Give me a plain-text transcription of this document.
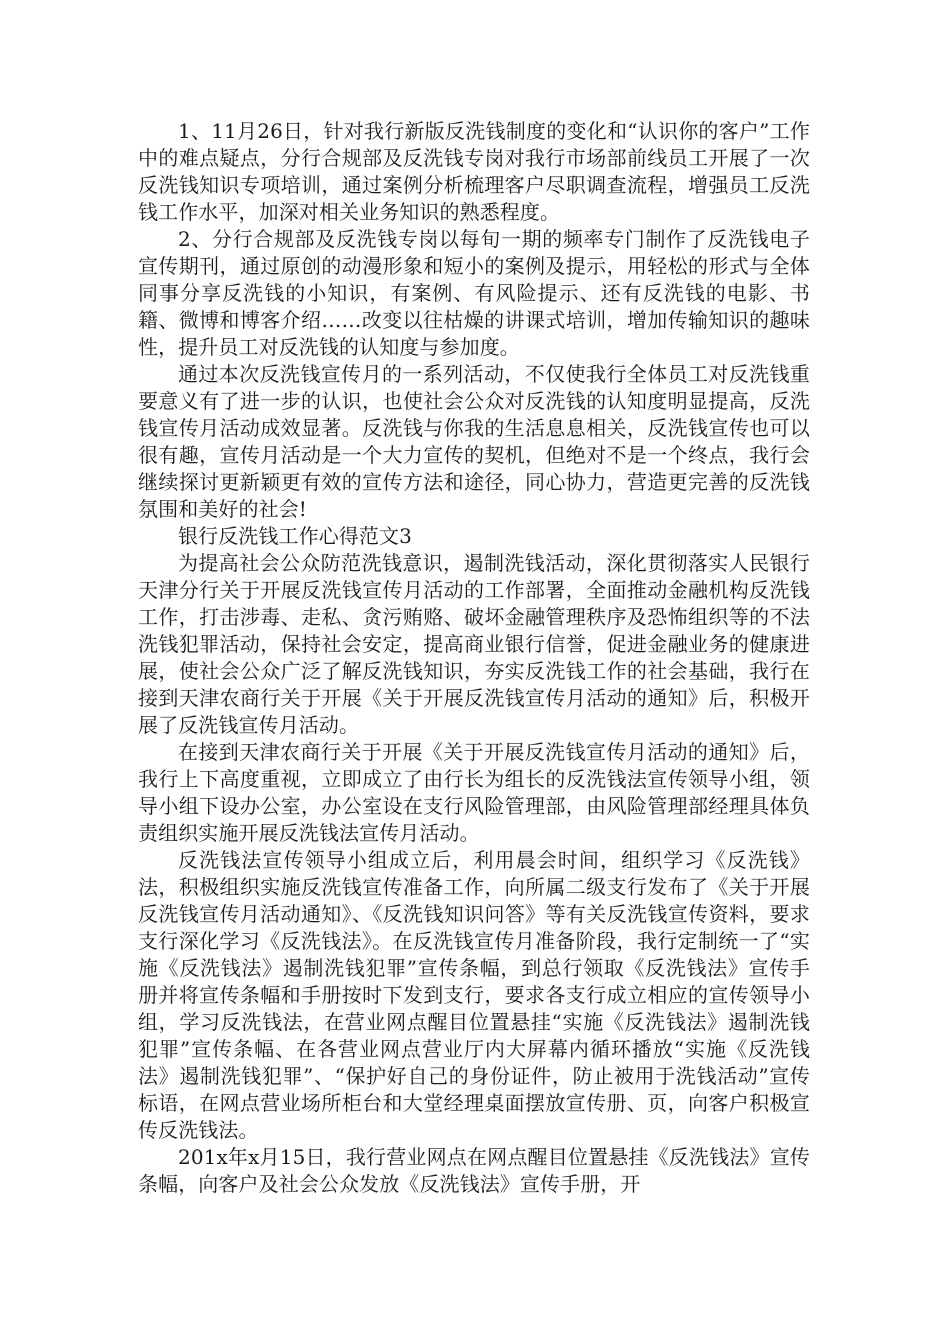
1、11月26日，针对我行新版反洗钱制度的变化和“认识你的客户”工作中的难点疑点，分行合规部及反洗钱专岗对我行市场部前线员工开展了一次反洗钱知识专项培训，通过案例分析梳理客户尽职调查流程，增强员工反洗钱工作水平，加深对相关业务知识的熟悉程度。

2、分行合规部及反洗钱专岗以每旬一期的频率专门制作了反洗钱电子宣传期刊，通过原创的动漫形象和短小的案例及提示，用轻松的形式与全体同事分享反洗钱的小知识，有案例、有风险提示、还有反洗钱的电影、书籍、微博和博客介绍……改变以往枯燥的讲课式培训，增加传输知识的趣味性，提升员工对反洗钱的认知度与参加度。

通过本次反洗钱宣传月的一系列活动，不仅使我行全体员工对反洗钱重要意义有了进一步的认识，也使社会公众对反洗钱的认知度明显提高，反洗钱宣传月活动成效显著。反洗钱与你我的生活息息相关，反洗钱宣传也可以很有趣，宣传月活动是一个大力宣传的契机，但绝对不是一个终点，我行会继续探讨更新颖更有效的宣传方法和途径，同心协力，营造更完善的反洗钱氛围和美好的社会!

银行反洗钱工作心得范文3

为提高社会公众防范洗钱意识，遏制洗钱活动，深化贯彻落实人民银行天津分行关于开展反洗钱宣传月活动的工作部署，全面推动金融机构反洗钱工作，打击涉毒、走私、贪污贿赂、破坏金融管理秩序及恐怖组织等的不法洗钱犯罪活动，保持社会安定，提高商业银行信誉，促进金融业务的健康进展，使社会公众广泛了解反洗钱知识，夯实反洗钱工作的社会基础，我行在接到天津农商行关于开展《关于开展反洗钱宣传月活动的通知》后，积极开展了反洗钱宣传月活动。

在接到天津农商行关于开展《关于开展反洗钱宣传月活动的通知》后，我行上下高度重视，立即成立了由行长为组长的反洗钱法宣传领导小组，领导小组下设办公室，办公室设在支行风险管理部，由风险管理部经理具体负责组织实施开展反洗钱法宣传月活动。

反洗钱法宣传领导小组成立后，利用晨会时间，组织学习《反洗钱》法，积极组织实施反洗钱宣传准备工作，向所属二级支行发布了《关于开展反洗钱宣传月活动通知》、《反洗钱知识问答》等有关反洗钱宣传资料，要求支行深化学习《反洗钱法》。在反洗钱宣传月准备阶段，我行定制统一了“实施《反洗钱法》遏制洗钱犯罪”宣传条幅，到总行领取《反洗钱法》宣传手册并将宣传条幅和手册按时下发到支行，要求各支行成立相应的宣传领导小组，学习反洗钱法，在营业网点醒目位置悬挂“实施《反洗钱法》遏制洗钱犯罪”宣传条幅、在各营业网点营业厅内大屏幕内循环播放“实施《反洗钱法》遏制洗钱犯罪”、“保护好自己的身份证件，防止被用于洗钱活动”宣传标语，在网点营业场所柜台和大堂经理桌面摆放宣传册、页，向客户积极宣传反洗钱法。

201x年x月15日，我行营业网点在网点醒目位置悬挂《反洗钱法》宣传条幅，向客户及社会公众发放《反洗钱法》宣传手册，开
